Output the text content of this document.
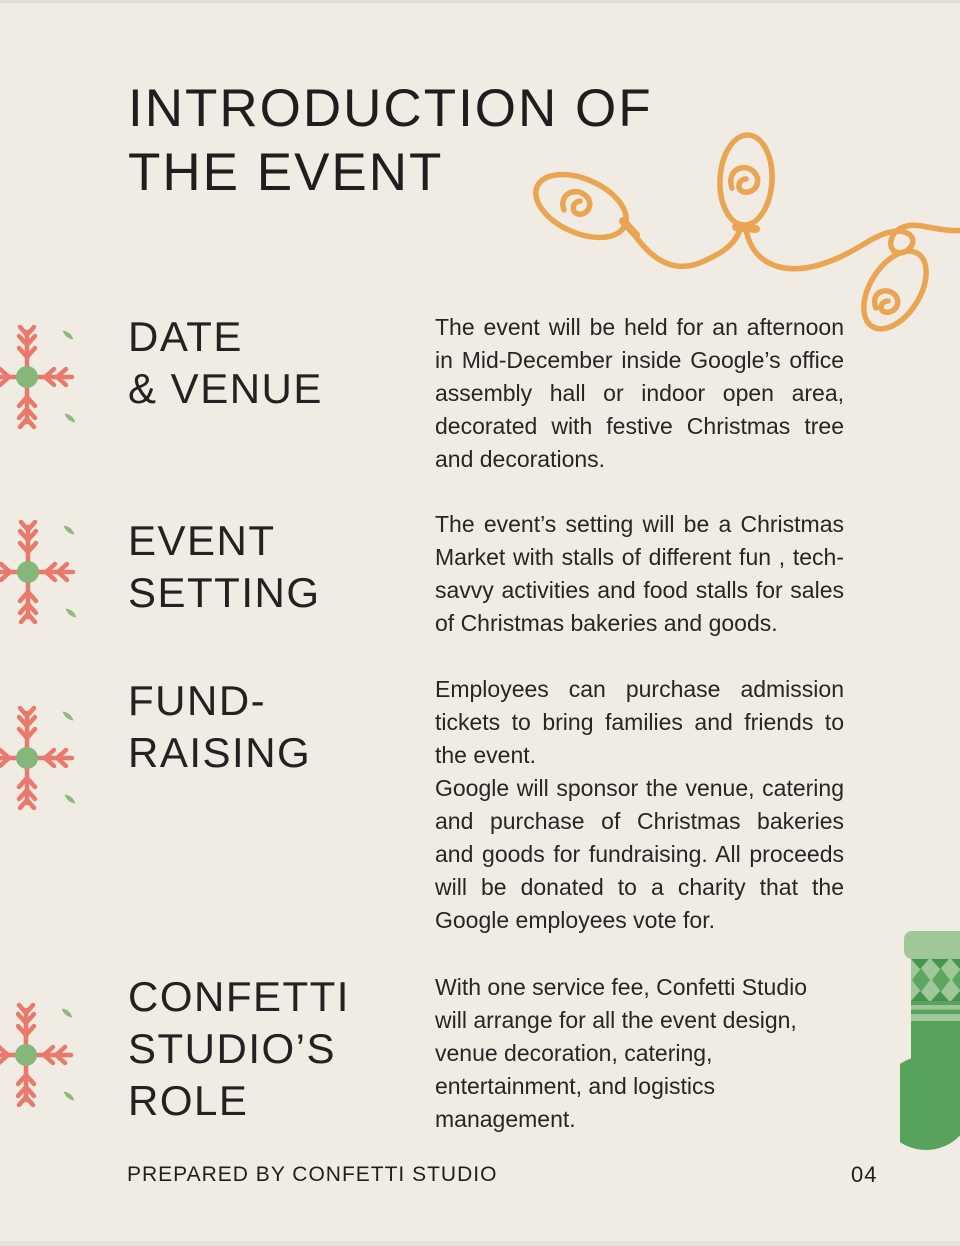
INTRODUCTION OF
THE EVENT
DATE
& VENUE
EVENT
SETTING
FUND-
RAISING
CONFETTI
STUDIO’S
ROLE

The event will be held for an afternoon in Mid-December inside Google’s office assembly hall or indoor open area, decorated with festive Christmas tree and decorations.

The event’s setting will be a Christmas Market with stalls of different fun , tech-savvy activities and food stalls for sales of Christmas bakeries and goods.

Employees can purchase admission tickets to bring families and friends to the event.

Google will sponsor the venue, catering and purchase of Christmas bakeries and goods for fundraising. All proceeds will be donated to a charity that the Google employees vote for.

With one service fee, Confetti Studio will arrange for all the event design, venue decoration, catering, entertainment, and logistics management.

PREPARED BY CONFETTI STUDIO	04
